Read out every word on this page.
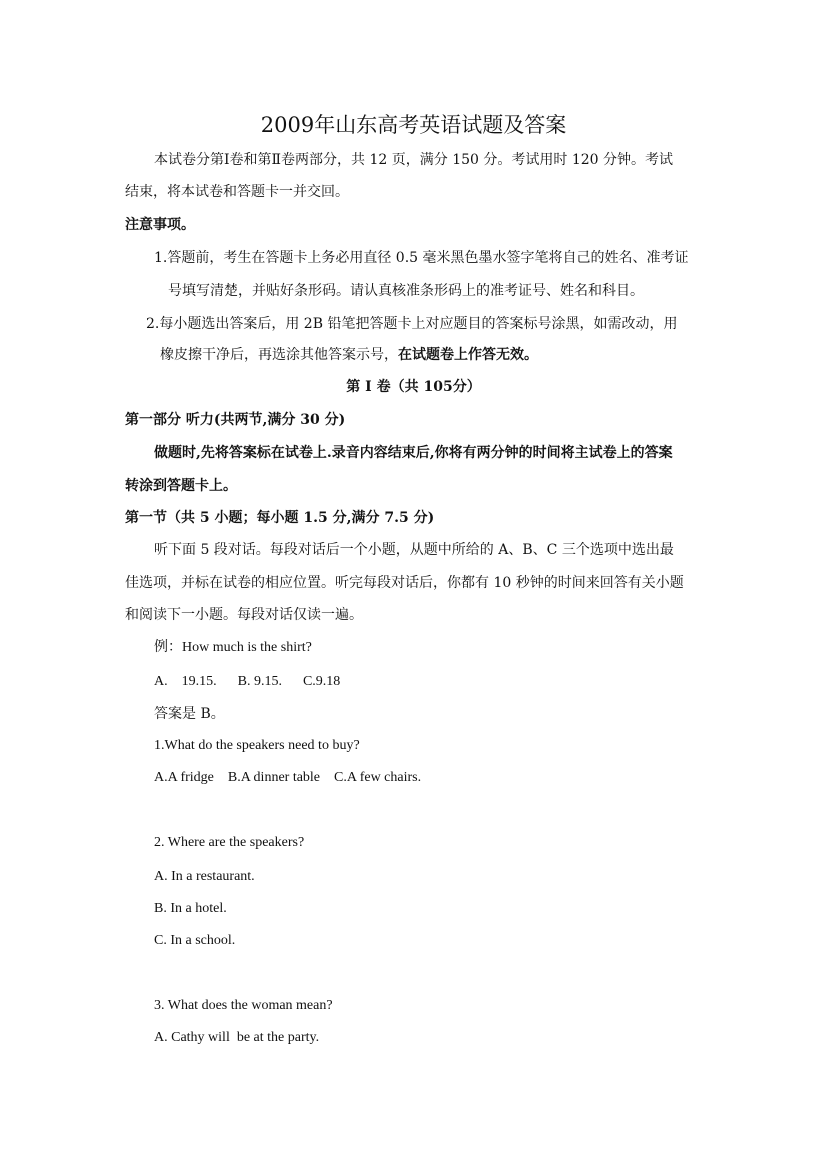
2009年山东高考英语试题及答案
本试卷分第Ⅰ卷和第Ⅱ卷两部分，共 12 页，满分 150 分。考试用时 120 分钟。考试
结束，将本试卷和答题卡一并交回。
注意事项。
1.答题前，考生在答题卡上务必用直径 0.5 毫米黑色墨水签字笔将自己的姓名、准考证
号填写清楚，并贴好条形码。请认真核准条形码上的准考证号、姓名和科目。
2.每小题选出答案后，用 2B 铅笔把答题卡上对应题目的答案标号涂黑，如需改动，用
橡皮擦干净后，再选涂其他答案示号，在试题卷上作答无效。
第 I 卷（共 105分）
第一部分 听力(共两节,满分 30 分)
做题时,先将答案标在试卷上.录音内容结束后,你将有两分钟的时间将主试卷上的答案
转涂到答题卡上。
第一节（共 5 小题；每小题 1.5 分,满分 7.5 分)
听下面 5 段对话。每段对话后一个小题，从题中所给的 A、B、C 三个选项中选出最
佳选项，并标在试卷的相应位置。听完每段对话后，你都有 10 秒钟的时间来回答有关小题
和阅读下一小题。每段对话仅读一遍。
例：How much is the shirt?
A.    19.15.      B. 9.15.      C.9.18
答案是 B。
1.What do the speakers need to buy?
A.A fridge    B.A dinner table    C.A few chairs.
2. Where are the speakers?
A. In a restaurant.
B. In a hotel.
C. In a school.
3. What does the woman mean?
A. Cathy will  be at the party.
